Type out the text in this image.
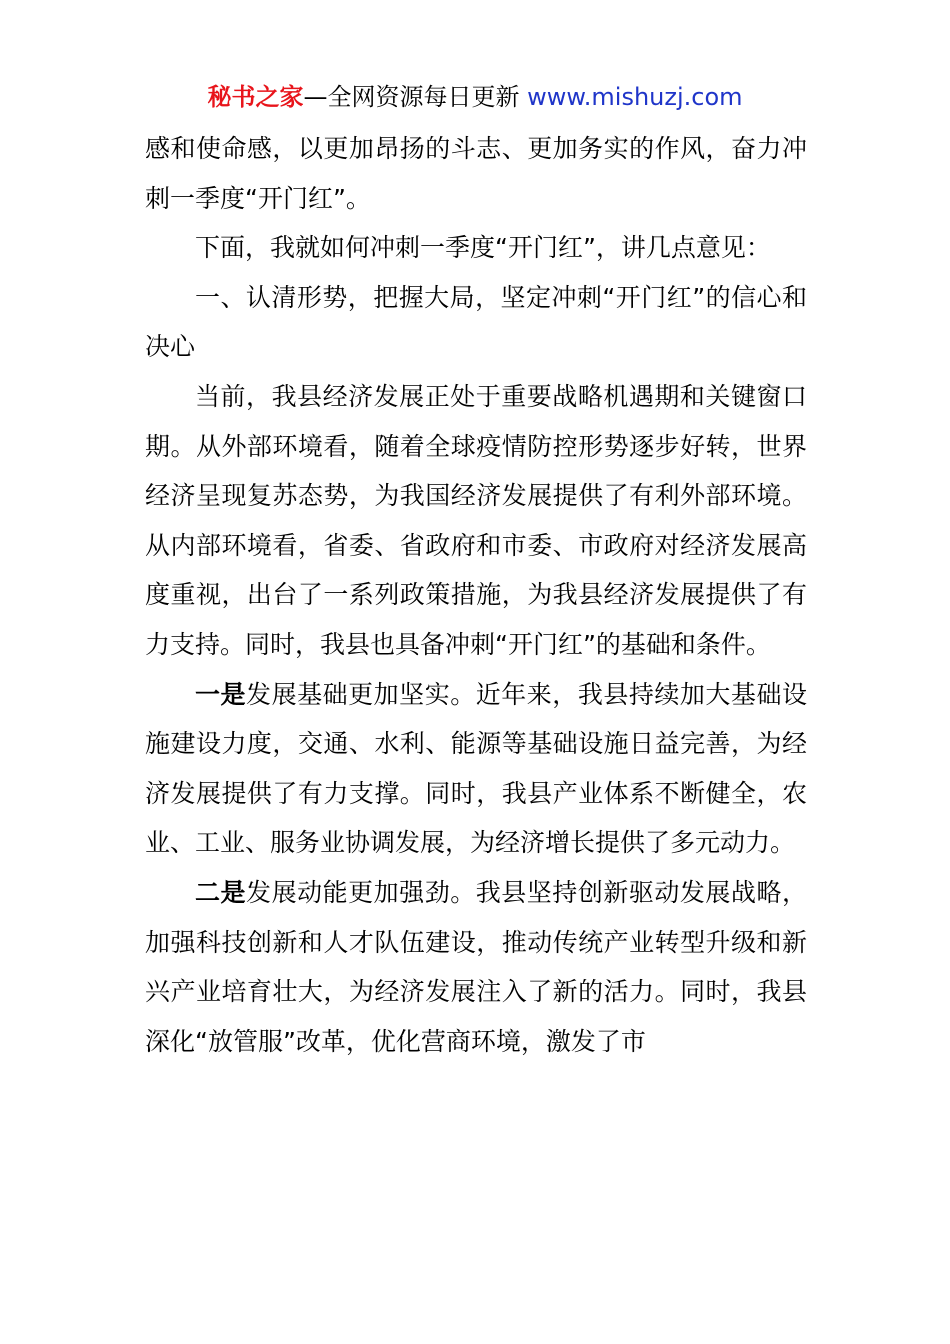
秘书之家—全网资源每日更新 www.mishuzj.com

感和使命感，以更加昂扬的斗志、更加务实的作风，奋力冲刺一季度“开门红”。

下面，我就如何冲刺一季度“开门红”，讲几点意见：

一、认清形势，把握大局，坚定冲刺“开门红”的信心和决心

当前，我县经济发展正处于重要战略机遇期和关键窗口期。从外部环境看，随着全球疫情防控形势逐步好转，世界经济呈现复苏态势，为我国经济发展提供了有利外部环境。从内部环境看，省委、省政府和市委、市政府对经济发展高度重视，出台了一系列政策措施，为我县经济发展提供了有力支持。同时，我县也具备冲刺“开门红”的基础和条件。

一是发展基础更加坚实。近年来，我县持续加大基础设施建设力度，交通、水利、能源等基础设施日益完善，为经济发展提供了有力支撑。同时，我县产业体系不断健全，农业、工业、服务业协调发展，为经济增长提供了多元动力。

二是发展动能更加强劲。我县坚持创新驱动发展战略，加强科技创新和人才队伍建设，推动传统产业转型升级和新兴产业培育壮大，为经济发展注入了新的活力。同时，我县深化“放管服”改革，优化营商环境，激发了市
